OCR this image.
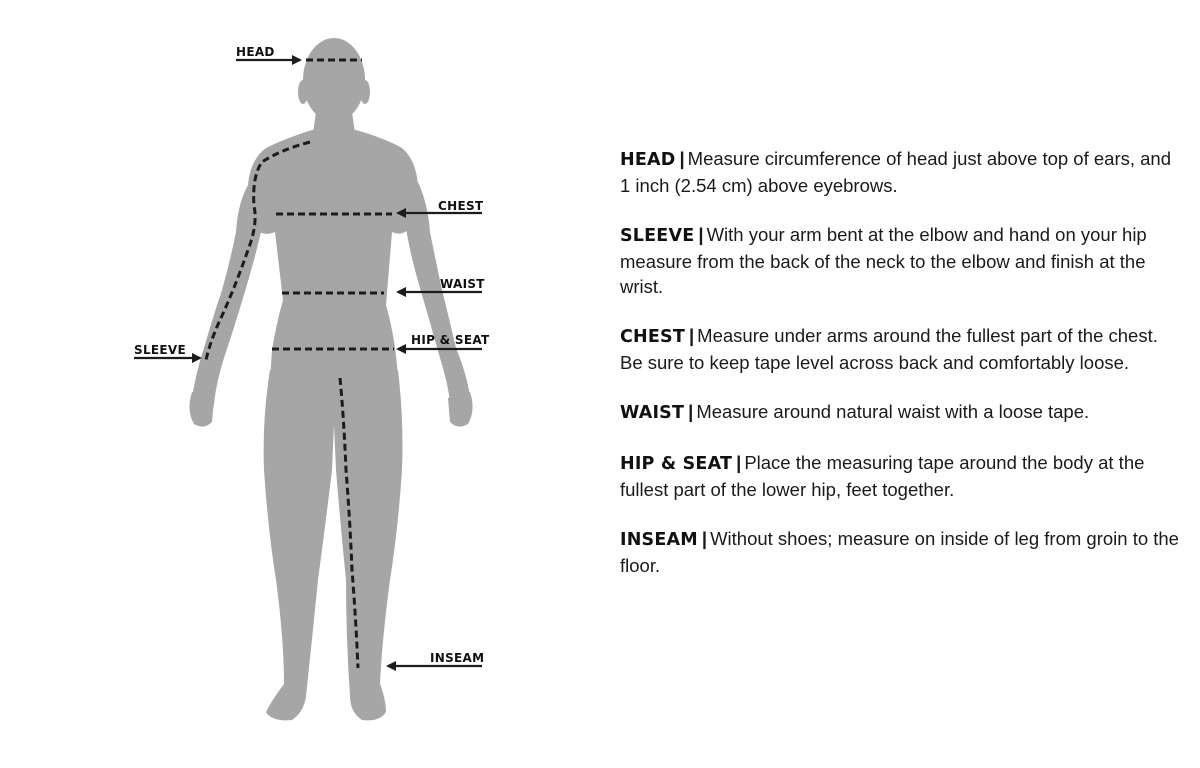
HEAD
CHEST
WAIST
HIP & SEAT
SLEEVE
INSEAM

HEAD | Measure circumference of head just above top of ears, and 1 inch (2.54 cm) above eyebrows.

SLEEVE | With your arm bent at the elbow and hand on your hip measure from the back of the neck to the elbow and finish at the wrist.

CHEST | Measure under arms around the fullest part of the chest. Be sure to keep tape level across back and comfortably loose.

WAIST | Measure around natural waist with a loose tape.

HIP & SEAT | Place the measuring tape around the body at the fullest part of the lower hip, feet together.

INSEAM | Without shoes; measure on inside of leg from groin to the floor.
